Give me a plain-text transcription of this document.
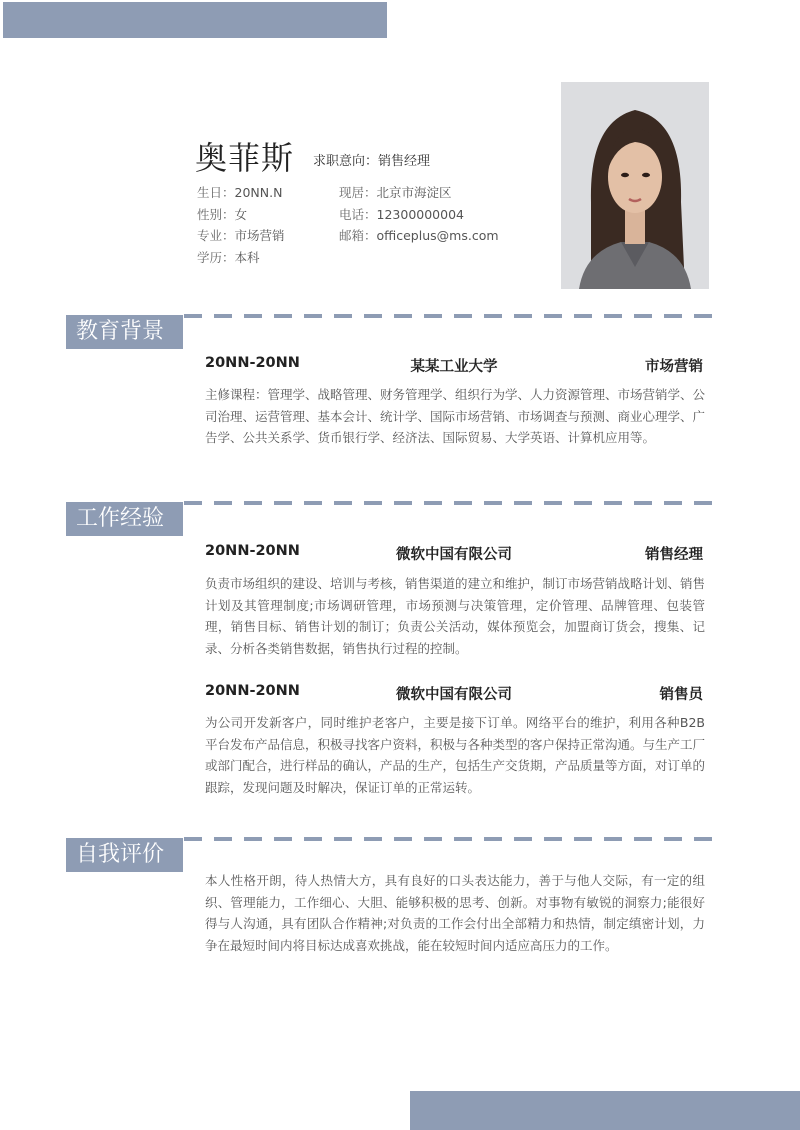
奥菲斯 求职意向：销售经理
生日：20NN.N
性别：女
专业：市场营销
学历：本科
现居：北京市海淀区
电话：12300000004
邮箱：officeplus@ms.com
教育背景
20NN-20NN	某某工业大学	市场营销
主修课程：管理学、战略管理、财务管理学、组织行为学、人力资源管理、市场营销学、公司治理、运营管理、基本会计、统计学、国际市场营销、市场调查与预测、商业心理学、广告学、公共关系学、货币银行学、经济法、国际贸易、大学英语、计算机应用等。
工作经验
20NN-20NN	微软中国有限公司	销售经理
负责市场组织的建设、培训与考核，销售渠道的建立和维护，制订市场营销战略计划、销售计划及其管理制度;市场调研管理，市场预测与决策管理，定价管理、品牌管理、包装管理，销售目标、销售计划的制订；负责公关活动，媒体预览会，加盟商订货会，搜集、记录、分析各类销售数据，销售执行过程的控制。
20NN-20NN	微软中国有限公司	销售员
为公司开发新客户，同时维护老客户，主要是接下订单。网络平台的维护，利用各种B2B 平台发布产品信息，积极寻找客户资料，积极与各种类型的客户保持正常沟通。与生产工厂或部门配合，进行样品的确认，产品的生产，包括生产交货期，产品质量等方面，对订单的跟踪，发现问题及时解决，保证订单的正常运转。
自我评价
本人性格开朗，待人热情大方，具有良好的口头表达能力，善于与他人交际，有一定的组织、管理能力，工作细心、大胆、能够积极的思考、创新。对事物有敏锐的洞察力;能很好得与人沟通，具有团队合作精神;对负责的工作会付出全部精力和热情，制定缜密计划，力争在最短时间内将目标达成喜欢挑战，能在较短时间内适应高压力的工作。
